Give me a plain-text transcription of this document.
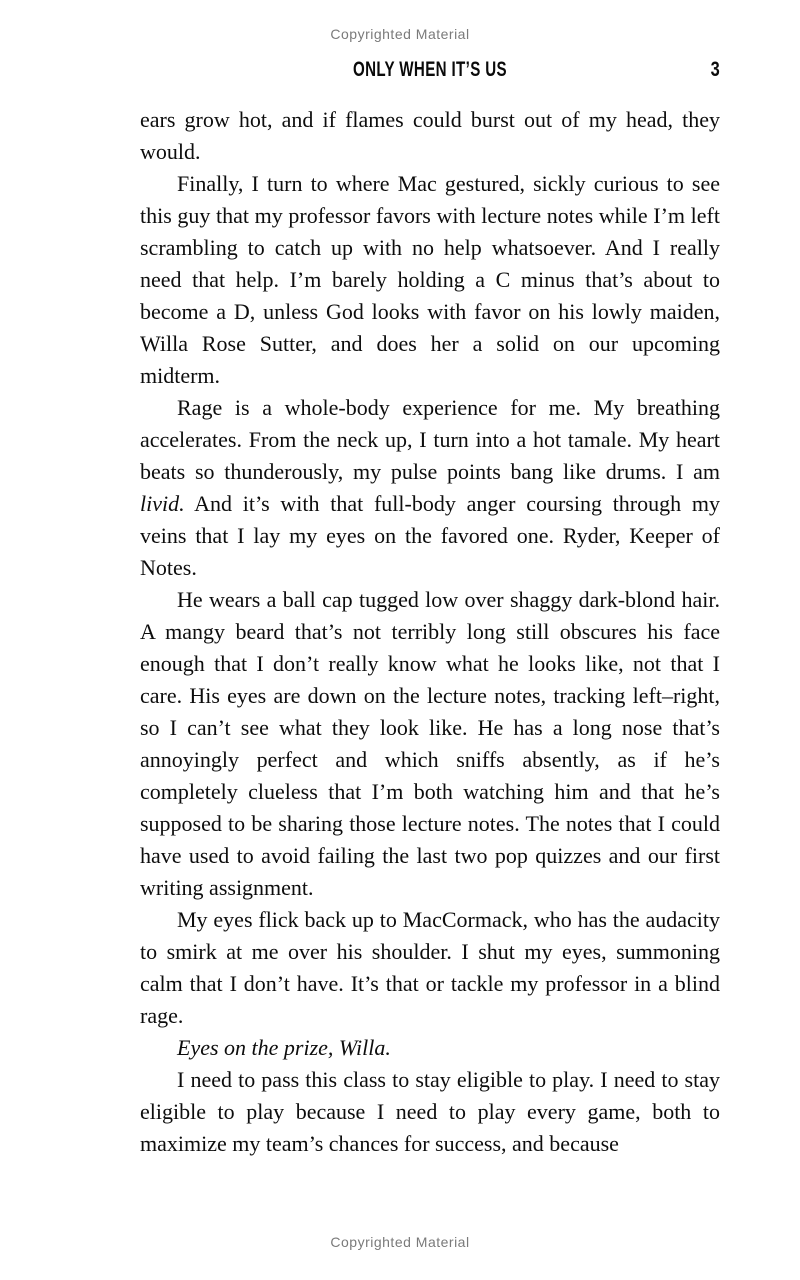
Copyrighted Material
ONLY WHEN IT’S US	3

ears grow hot, and if flames could burst out of my head, they would.

Finally, I turn to where Mac gestured, sickly curious to see this guy that my professor favors with lecture notes while I’m left scrambling to catch up with no help whatsoever. And I really need that help. I’m barely holding a C minus that’s about to become a D, unless God looks with favor on his lowly maiden, Willa Rose Sutter, and does her a solid on our upcoming midterm.

Rage is a whole-body experience for me. My breathing accelerates. From the neck up, I turn into a hot tamale. My heart beats so thunderously, my pulse points bang like drums. I am livid. And it’s with that full-body anger coursing through my veins that I lay my eyes on the favored one. Ryder, Keeper of Notes.

He wears a ball cap tugged low over shaggy dark-blond hair. A mangy beard that’s not terribly long still obscures his face enough that I don’t really know what he looks like, not that I care. His eyes are down on the lecture notes, tracking left–right, so I can’t see what they look like. He has a long nose that’s annoyingly perfect and which sniffs absently, as if he’s completely clueless that I’m both watching him and that he’s supposed to be sharing those lecture notes. The notes that I could have used to avoid failing the last two pop quizzes and our first writing assignment.

My eyes flick back up to MacCormack, who has the audacity to smirk at me over his shoulder. I shut my eyes, summoning calm that I don’t have. It’s that or tackle my professor in a blind rage.

Eyes on the prize, Willa.

I need to pass this class to stay eligible to play. I need to stay eligible to play because I need to play every game, both to maximize my team’s chances for success, and because

Copyrighted Material
